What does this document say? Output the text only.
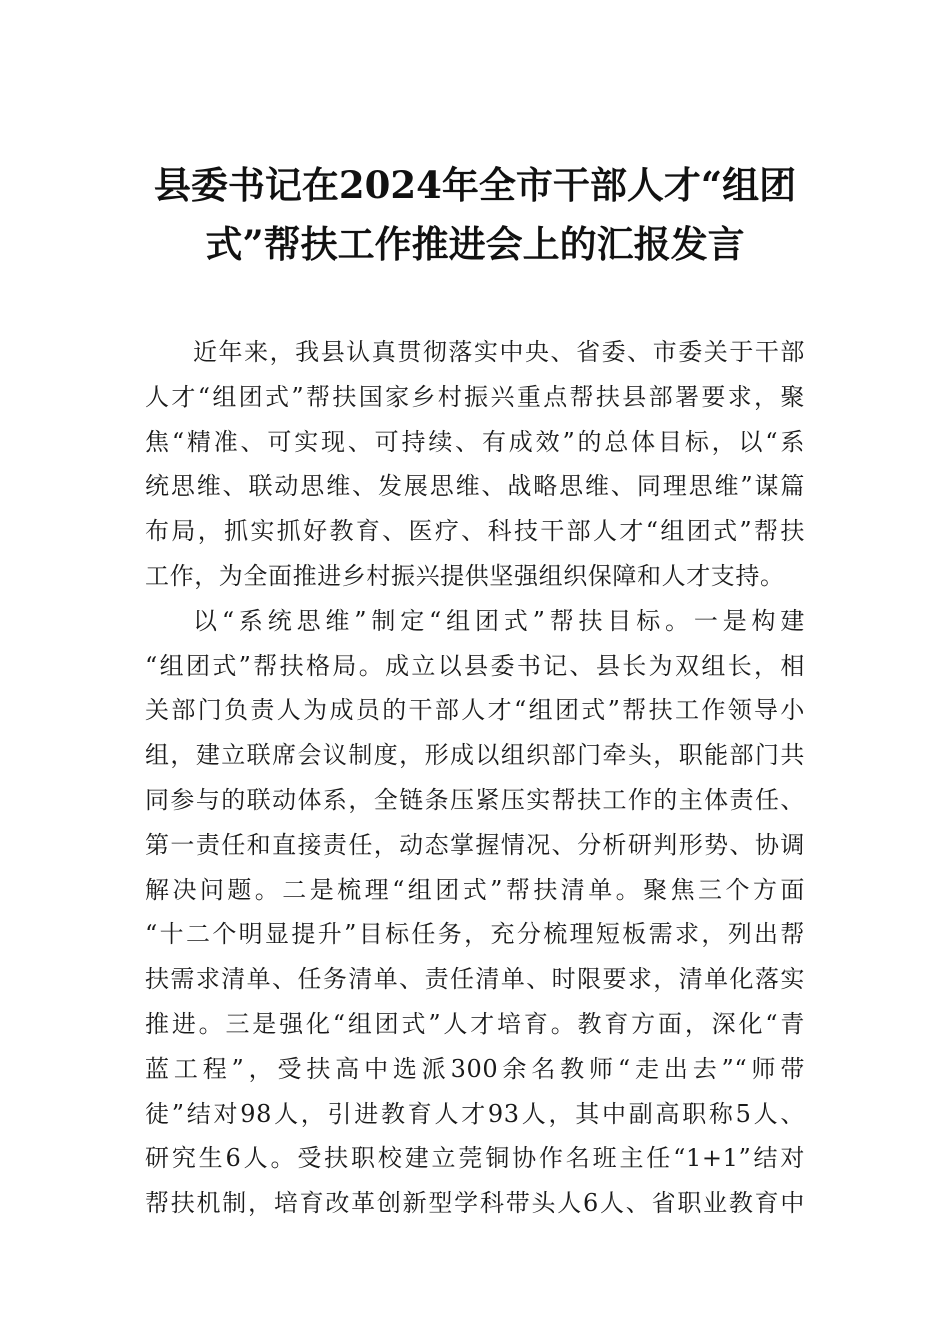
县委书记在2024年全市干部人才“组团
式”帮扶工作推进会上的汇报发言
近年来，我县认真贯彻落实中央、省委、市委关于干部
人才“组团式”帮扶国家乡村振兴重点帮扶县部署要求，聚
焦“精准、可实现、可持续、有成效”的总体目标，以“系
统思维、联动思维、发展思维、战略思维、同理思维”谋篇
布局，抓实抓好教育、医疗、科技干部人才“组团式”帮扶
工作，为全面推进乡村振兴提供坚强组织保障和人才支持。
以“系统思维”制定“组团式”帮扶目标。一是构建
“组团式”帮扶格局。成立以县委书记、县长为双组长，相
关部门负责人为成员的干部人才“组团式”帮扶工作领导小
组，建立联席会议制度，形成以组织部门牵头，职能部门共
同参与的联动体系，全链条压紧压实帮扶工作的主体责任、
第一责任和直接责任，动态掌握情况、分析研判形势、协调
解决问题。二是梳理“组团式”帮扶清单。聚焦三个方面
“十二个明显提升”目标任务，充分梳理短板需求，列出帮
扶需求清单、任务清单、责任清单、时限要求，清单化落实
推进。三是强化“组团式”人才培育。教育方面，深化“青
蓝工程”，受扶高中选派300余名教师“走出去”“师带
徒”结对98人，引进教育人才93人，其中副高职称5人、
研究生6人。受扶职校建立莞铜协作名班主任“1+1”结对
帮扶机制，培育改革创新型学科带头人6人、省职业教育中
